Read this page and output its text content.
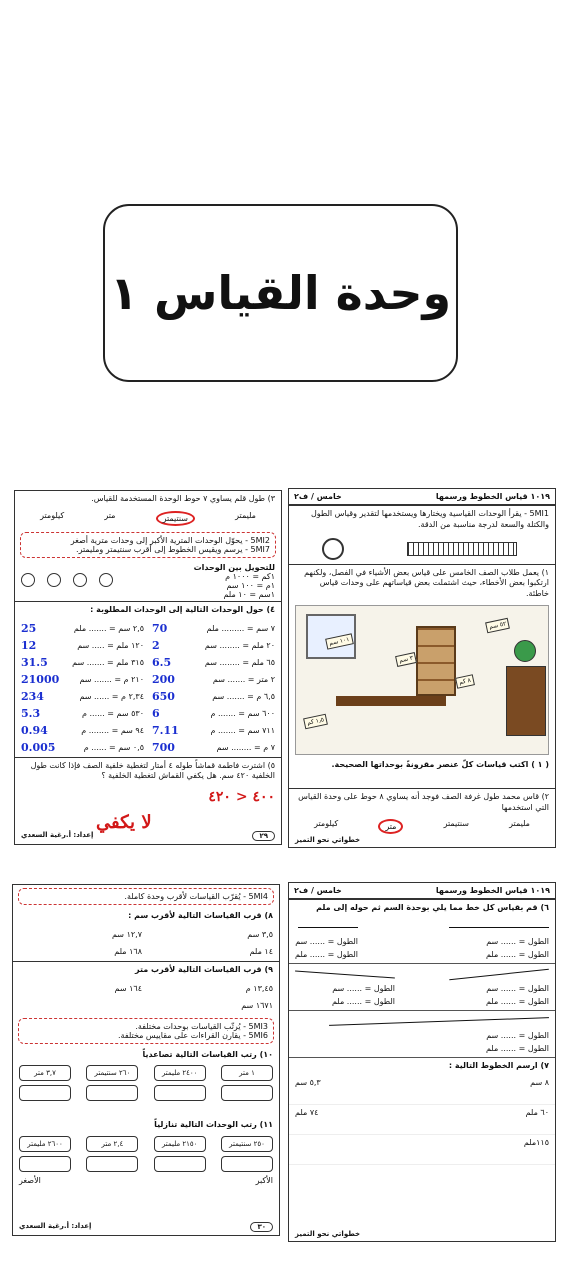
وحدة القياس ١
١٠١٩ قياس الخطوط ورسمها
خامس / ف٢
5MI1 - يقرأ الوحدات القياسية ويختارها ويستخدمها لتقدير وقياس الطول والكتلة والسعة لدرجة مناسبة من الدقة.
١) يعمل طلاب الصف الخامس على قياس بعض الأشياء في الفصل، ولكنهم ارتكبوا بعض الأخطاء، حيث اشتملت بعض قياساتهم على وحدات قياس خاطئة.
١٠١ سم
٣ سم
٥٢ سم
٨ كم
١٫٥ كم
( ١ ) اكتب قياسات كلّ عنصر مقرونةً بوحداتها الصحيحة.
٢) قاس محمد طول غرفة الصف فوجد أنه يساوي ٨ حوط على وحدة القياس التي استخدمها
مليمتر
سنتيمتر
متر
كيلومتر
خطواتي نحو التميز
٣) طول قلم يساوي ٧ حوط الوحدة المستخدمة للقياس.
مليمتر
سنتيمتر
متر
كيلومتر
5MI2 - يحوّل الوحدات المترية الأكبر إلى وحدات مترية أصغر
5MI7 - يرسم ويقيس الخطوط إلى أقرب سنتيمتر ومليمتر.
للتحويل بين الوحدات
١كم = ١٠٠٠ م
١م = ١٠٠ سم
١سم = ١٠ ملم
٤) حول الوحدات التالية إلى الوحدات المطلوبة :
٧ سم = ......... ملم
70
٢,٥ سم = ....... ملم
25
٢٠ ملم = ........ سم
2
١٢٠ ملم = ..... سم
12
٦٥ ملم = ........ سم
6.5
٣١٥ ملم = ....... سم
31.5
٢ متر = ....... سم
200
٢١٠ م = ....... سم
21000
٦,٥ م = ....... سم
650
٢,٣٤ م = ...... سم
234
٦٠٠ سم = ....... م
6
٥٣٠ سم = ...... م
5.3
٧١١ سم = ....... م
7.11
٩٤ سم = ........ م
0.94
٧ م = ........ سم
700
٠,٥ سم = ...... م
0.005
٥) اشترت فاطمة قماشاً طوله ٤ أمتار لتغطية خلفية الصف فإذا كانت طول الخلفية ٤٢٠ سم. هل يكفي القماش لتغطية الخلفية ؟
٤٠٠ < ٤٢٠
٢٩
إعداد: أ.رغية السعدي
لا يكفي
١٠١٩ قياس الخطوط ورسمها
خامس / ف٢
٦) قم بقياس كل خط مما يلي بوحدة السم ثم حوله إلى ملم
الطول = ...... سم
الطول = ...... ملم
الطول = ...... سم
الطول = ...... ملم
الطول = ...... سم
الطول = ...... ملم
الطول = ...... سم
الطول = ...... ملم
الطول = ...... سم
الطول = ...... ملم
٧) ارسم الخطوط التالية :
٨ سم
٥,٣ سم
٦٠ ملم
٧٤ ملم
١١٥ملم
خطواتي نحو التميز
5MI4 - يُقرّب القياسات لأقرب وحدة كاملة.
٨) قرب القياسات التالية لأقرب سم :
٣,٥ سم
١٢,٧ سم
١٤ ملم
١٦٨ ملم
٩) قرب القياسات التالية لأقرب متر
١٣,٤٥ م
١٦٤ سم
١٦٧١ سم
5MI3 - يُرتّب القياسات بوحدات مختلفة.
5MI6 - يقارن القراءات على مقاييس مختلفة.
١٠) رتب القياسات التالية تصاعدياً
١ متر
٢٤٠٠ مليمتر
٢٦٠ سنتيمتر
٣,٧ متر
١١) رتب الوحدات التالية تنازلياً
٢٥٠ سنتيمتر
٢١٥٠ مليمتر
٢,٤ متر
٢٦٠٠ مليمتر
الأكبر
الأصغر
٣٠
إعداد: أ.رغية السعدي
